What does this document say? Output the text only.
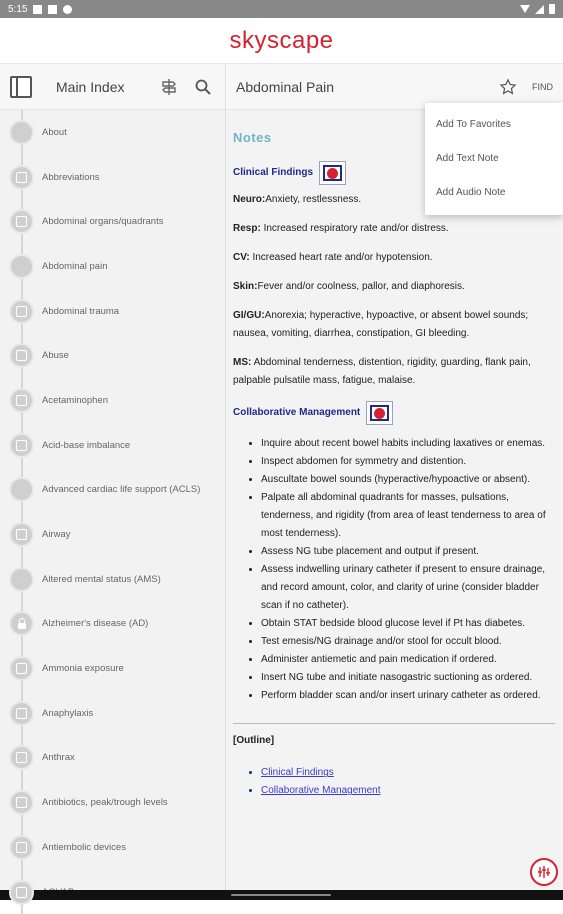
5:15
skyscape
Main Index
About
Abbreviations
Abdominal organs/quadrants
Abdominal pain
Abdominal trauma
Abuse
Acetaminophen
Acid-base imbalance
Advanced cardiac life support (ACLS)
Airway
Altered mental status (AMS)
Alzheimer's disease (AD)
Ammonia exposure
Anaphylaxis
Anthrax
Antibiotics, peak/trough levels
Antiembolic devices
Abdominal Pain	FIND
Notes
Clinical Findings
Neuro:Anxiety, restlessness.
Resp: Increased respiratory rate and/or distress.
CV: Increased heart rate and/or hypotension.
Skin:Fever and/or coolness, pallor, and diaphoresis.
GI/GU:Anorexia; hyperactive, hypoactive, or absent bowel sounds; nausea, vomiting, diarrhea, constipation, GI bleeding.
MS: Abdominal tenderness, distention, rigidity, guarding, flank pain, palpable pulsatile mass, fatigue, malaise.
Collaborative Management
• Inquire about recent bowel habits including laxatives or enemas.
• Inspect abdomen for symmetry and distention.
• Auscultate bowel sounds (hyperactive/hypoactive or absent).
• Palpate all abdominal quadrants for masses, pulsations, tenderness, and rigidity (from area of least tenderness to area of most tenderness).
• Assess NG tube placement and output if present.
• Assess indwelling urinary catheter if present to ensure drainage, and record amount, color, and clarity of urine (consider bladder scan if no catheter).
• Obtain STAT bedside blood glucose level if Pt has diabetes.
• Test emesis/NG drainage and/or stool for occult blood.
• Administer antiemetic and pain medication if ordered.
• Insert NG tube and initiate nasogastric suctioning as ordered.
• Perform bladder scan and/or insert urinary catheter as ordered.
[Outline]
• Clinical Findings
• Collaborative Management
Add To Favorites
Add Text Note
Add Audio Note
